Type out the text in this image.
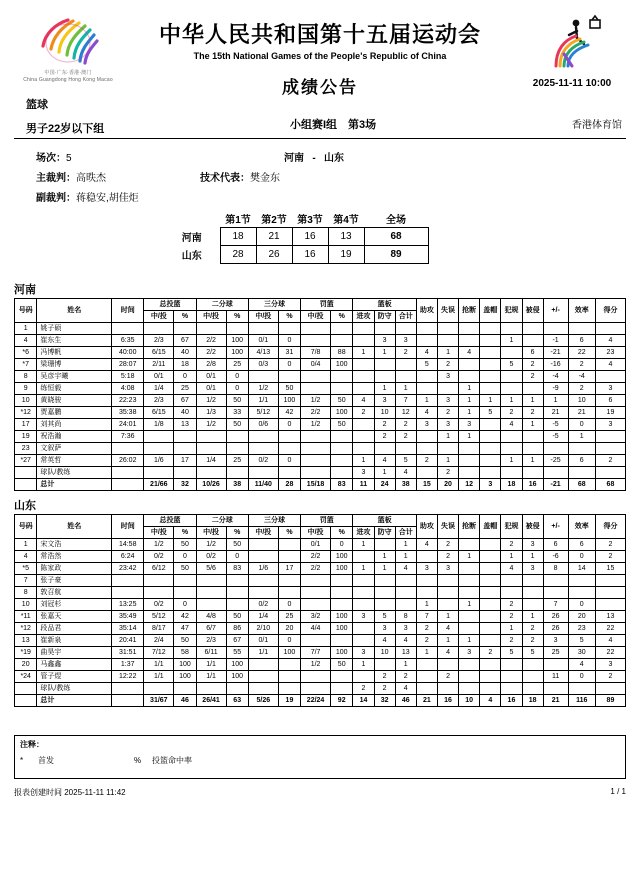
中国·广东·香港·澳门
China Guangdong Hong Kong Macao
中华人民共和国第十五届运动会
The 15th National Games of the People's Republic of China
成绩公告	2025-11-11 10:00
篮球
男子22岁以下组	小组赛I组　第3场	香港体育馆
场次：5	河南 - 山东
主裁判：高昳杰	技术代表：樊金东
副裁判：蒋稳安,胡佳炬
第1节 第2节 第3节 第4节	全场
河南	18	21	16	13	68
山东	28	26	16	19	89
河南
号码	姓名	时间	总投篮		二分球		三分球		罚篮		篮板			助攻	失误	抢断	盖帽	犯规	被侵	+/-	效率	得分
			中/投	%	中/投	%	中/投	%	中/投	%	进攻	防守	合计									
1	姚子硕																					
4	崔东生	6:35	2/3	67	2/2	100	0/1	0				3	3					1		-1	6	4
*6	冯博帆	40:00	6/15	40	2/2	100	4/13	31	7/8	88	1	1	2	4	1	4			6	-21	22	23
*7	梁珊博	28:07	2/11	18	2/8	25	0/3	0	0/4	100				5	2			5	2	-16	2	4
8	吴彦宇曦	5:18	0/1	0	0/1	0									3				2	-4	-4	
9	练恒毅	4:08	1/4	25	0/1	0	1/2	50				1	1			1				-9	2	3
10	黄晓骏	22:23	2/3	67	1/2	50	1/1	100	1/2	50	4	3	7	1	3	1	1	1	1	1	10	6
*12	贾嘉鹏	35:38	6/15	40	1/3	33	5/12	42	2/2	100	2	10	12	4	2	1	5	2	2	21	21	19
17	刘其尚	24:01	1/8	13	1/2	50	0/6	0	1/2	50		2	2	3	3	3		4	1	-5	0	3
19	祝浩瀚	7:36										2	2		1	1				-5	1	
23	文叙萨																					
*27	常英哲	26:02	1/6	17	1/4	25	0/2	0			1	4	5	2	1			1	1	-25	6	2
	球队/教练										3	1	4		2							
	总计		21/66	32	10/26	38	11/40	28	15/18	83	11	24	38	15	20	12	3	18	16	-21	68	68
山东
号码	姓名	时间	总投篮		二分球		三分球		罚篮		篮板			助攻	失误	抢断	盖帽	犯规	被侵	+/-	效率	得分
			中/投	%	中/投	%	中/投	%	中/投	%	进攻	防守	合计									
1	宋文浩	14:58	1/2	50	1/2	50			0/1	0	1		1	4	2			2	3	6	6	2
4	常浩然	6:24	0/2	0	0/2	0			2/2	100		1	1		2	1		1	1	-6	0	2
*5	陈家政	23:42	6/12	50	5/6	83	1/6	17	2/2	100	1	1	4	3	3			4	3	8	14	15
7	张子豪																					
8	敦召航																					
10	刘冠杉	13:25	0/2	0			0/2	0						1		1		2		7	0	
*11	张嘉天	35:49	5/12	42	4/8	50	1/4	25	3/2	100	3	5	8	7	1			2	1	26	20	13
*12	段品君	35:14	8/17	47	6/7	86	2/10	20	4/4	100		3	3	2	4			1	2	26	23	22
13	崔新泉	20:41	2/4	50	2/3	67	0/1	0				4	4	2	1	1		2	2	3	5	4
*19	曲昊宇	31:51	7/12	58	6/11	55	1/1	100	7/7	100	3	10	13	1	4	3	2	5	5	25	30	22
20	马鑫鑫	1:37	1/1	100	1/1	100			1/2	50	1		1								4	3
*24	管子煜	12:22	1/1	100	1/1	100						2	2		2					11	0	2
	球队/教练										2	2	4									
	总计		31/67	46	26/41	63	5/26	19	22/24	92	14	32	46	21	16	10	4	16	18	21	116	89
注释：
* 首发	% 投篮命中率
报表创建时间 2025-11-11 11:42	1 / 1
